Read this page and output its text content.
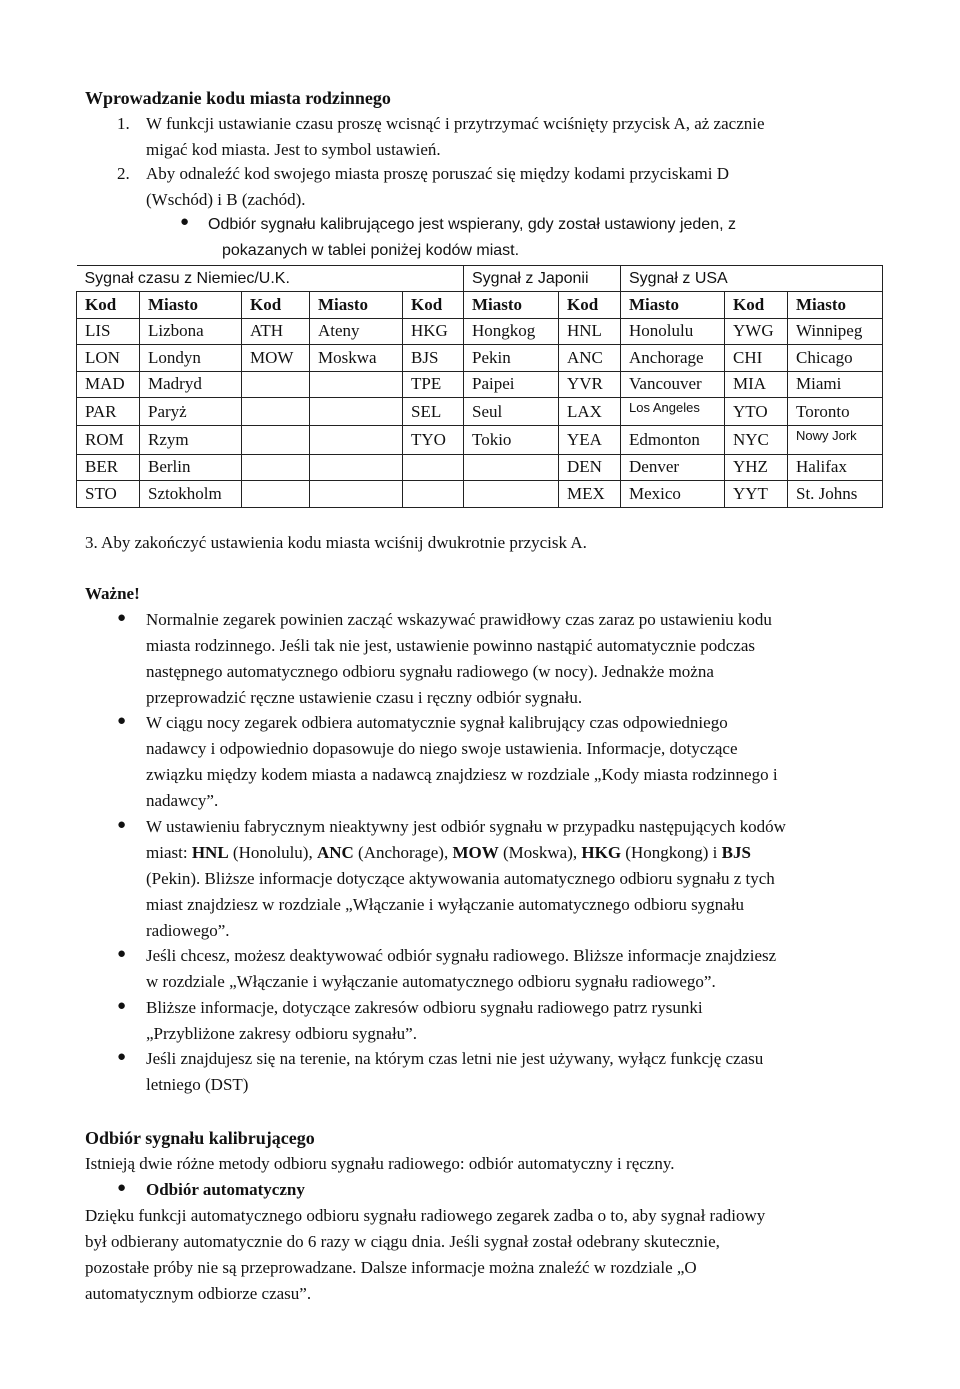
Wprowadzanie kodu miasta rodzinnego
1. W funkcji ustawianie czasu proszę wcisnąć i przytrzymać wciśnięty przycisk A, aż zacznie
migać kod miasta. Jest to symbol ustawień.
2. Aby odnaleźć kod swojego miasta proszę poruszać się między kodami przyciskami D
(Wschód) i B (zachód).
● Odbiór sygnału kalibrującego jest wspierany, gdy został ustawiony jeden, z
pokazanych w tablei poniżej kodów miast.
Sygnał czasu z Niemiec/U.K.					Sygnał z Japonii		Sygnał z USA		
Kod	Miasto	Kod	Miasto	Kod	Miasto	Kod	Miasto	Kod	Miasto
LIS	Lizbona	ATH	Ateny	HKG	Hongkog	HNL	Honolulu	YWG	Winnipeg
LON	Londyn	MOW	Moskwa	BJS	Pekin	ANC	Anchorage	CHI	Chicago
MAD	Madryd			TPE	Paipei	YVR	Vancouver	MIA	Miami
PAR	Paryż			SEL	Seul	LAX	Los Angeles	YTO	Toronto
ROM	Rzym			TYO	Tokio	YEA	Edmonton	NYC	Nowy Jork
BER	Berlin					DEN	Denver	YHZ	Halifax
STO	Sztokholm					MEX	Mexico	YYT	St. Johns
3. Aby zakończyć ustawienia kodu miasta wciśnij dwukrotnie przycisk A.
Ważne!
● Normalnie zegarek powinien zacząć wskazywać prawidłowy czas zaraz po ustawieniu kodu
miasta rodzinnego. Jeśli tak nie jest, ustawienie powinno nastąpić automatycznie podczas
następnego automatycznego odbioru sygnału radiowego (w nocy). Jednakże można
przeprowadzić ręczne ustawienie czasu i ręczny odbiór sygnału.
● W ciągu nocy zegarek odbiera automatycznie sygnał kalibrujący czas odpowiedniego
nadawcy i odpowiednio dopasowuje do niego swoje ustawienia. Informacje, dotyczące
związku między kodem miasta a nadawcą znajdziesz w rozdziale „Kody miasta rodzinnego i
nadawcy”.
● W ustawieniu fabrycznym nieaktywny jest odbiór sygnału w przypadku następujących kodów
miast: HNL (Honolulu), ANC (Anchorage), MOW (Moskwa), HKG (Hongkong) i BJS
(Pekin). Bliższe informacje dotyczące aktywowania automatycznego odbioru sygnału z tych
miast znajdziesz w rozdziale „Włączanie i wyłączanie automatycznego odbioru sygnału
radiowego”.
● Jeśli chcesz, możesz deaktywować odbiór sygnału radiowego. Bliższe informacje znajdziesz
w rozdziale „Włączanie i wyłączanie automatycznego odbioru sygnału radiowego”.
● Bliższe informacje, dotyczące zakresów odbioru sygnału radiowego patrz rysunki
„Przybliżone zakresy odbioru sygnału”.
● Jeśli znajdujesz się na terenie, na którym czas letni nie jest używany, wyłącz funkcję czasu
letniego (DST)
Odbiór sygnału kalibrującego
Istnieją dwie różne metody odbioru sygnału radiowego: odbiór automatyczny i ręczny.
● Odbiór automatyczny
Dzięku funkcji automatycznego odbioru sygnału radiowego zegarek zadba o to, aby sygnał radiowy
był odbierany automatycznie do 6 razy w ciągu dnia. Jeśli sygnał został odebrany skutecznie,
pozostałe próby nie są przeprowadzane. Dalsze informacje można znaleźć w rozdziale „O
automatycznym odbiorze czasu”.
